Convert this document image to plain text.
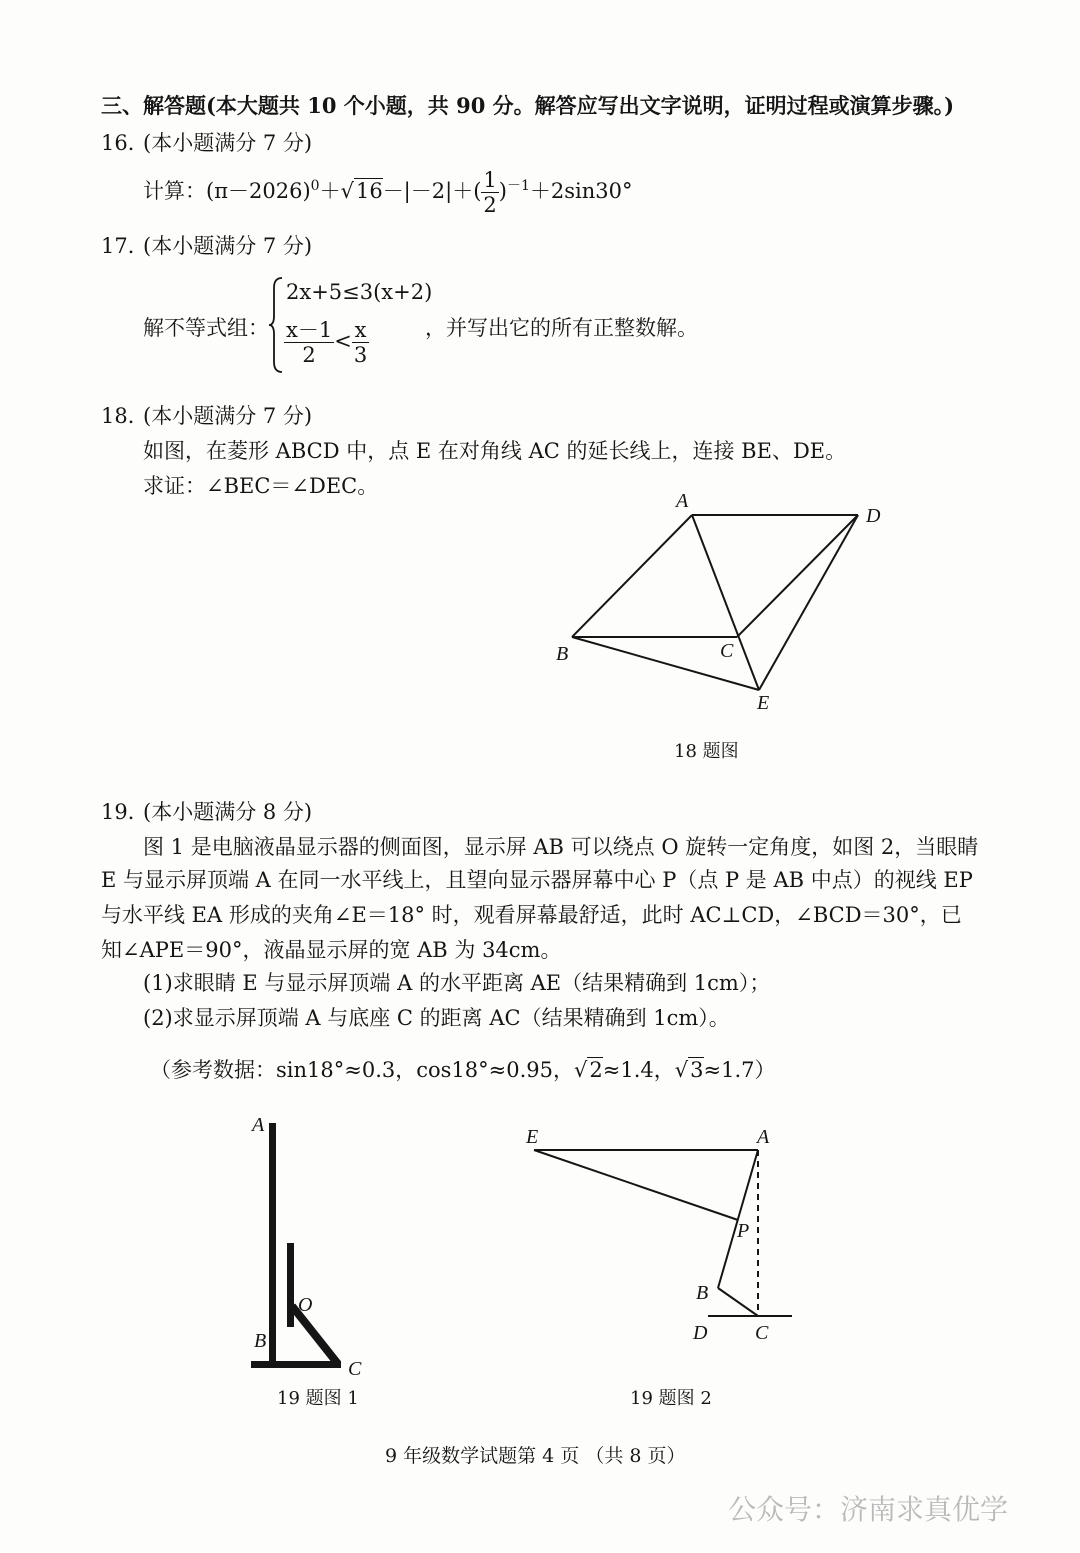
三、解答题(本大题共 10 个小题，共 90 分。解答应写出文字说明，证明过程或演算步骤。)
16．
(本小题满分 7 分)
计算：$(\pi-2026)^0+√16-|-2|+( \frac{1}{2} )^{-1}+2\sin 30^\circ$
17．
(本小题满分 7 分)
解不等式组：
2x+5≤3(x+2)
$\frac{x-1}{2} < \frac{x}{3}$	，并写出它的所有正整数解。
18．
(本小题满分 7 分)
如图，在菱形 ABCD 中，点 E 在对角线 AC 的延长线上，连接 BE、DE。
求证：∠BEC＝∠DEC。
A
D
B	C
E
18 题图
19．
(本小题满分 8 分)
图 1 是电脑液晶显示器的侧面图，显示屏 AB 可以绕点 O 旋转一定角度，如图 2，当眼睛
E 与显示屏顶端 A 在同一水平线上，且望向显示器屏幕中心 P（点 P 是 AB 中点）的视线 EP
与水平线 EA 形成的夹角∠E＝18° 时，观看屏幕最舒适，此时 AC⊥CD，∠BCD＝30°，已
知∠APE＝90°，液晶显示屏的宽 AB 为 34cm。
(1)求眼睛 E 与显示屏顶端 A 的水平距离 AE（结果精确到 1cm）；
(2)求显示屏顶端 A 与底座 C 的距离 AC（结果精确到 1cm）。
（参考数据：sin18°≈0.3，cos18°≈0.95，√2≈1.4，√3≈1.7）
A
O
B
C
19 题图 1
E	A
P
B
D C
19 题图 2
9 年级数学试题第 4 页 （共 8 页）
公众号：济南求真优学
